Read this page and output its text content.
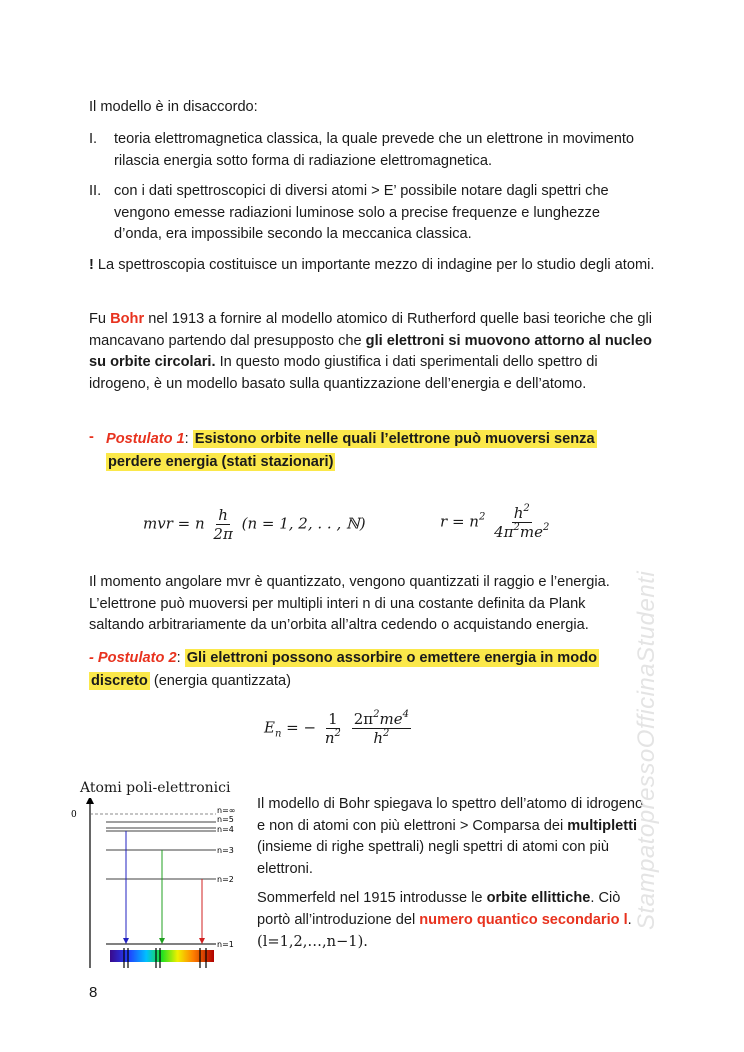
Il modello è in disaccordo:

I.	teoria elettromagnetica classica, la quale prevede che un elettrone in movimento rilascia energia sotto forma di radiazione elettromagnetica.
II. con i dati spettroscopici di diversi atomi > E’ possibile notare dagli spettri che vengono emesse radiazioni luminose solo a precise frequenze e lunghezze d’onda, era impossibile secondo la meccanica classica.

! La spettroscopia costituisce un importante mezzo di indagine per lo studio degli atomi.

Fu Bohr nel 1913 a fornire al modello atomico di Rutherford quelle basi teoriche che gli mancavano partendo dal presupposto che gli elettroni si muovono attorno al nucleo su orbite circolari. In questo modo giustifica i dati sperimentali dello spettro di idrogeno, è un modello basato sulla quantizzazione dell’energia e dell’atomo.

- Postulato 1: Esistono orbite nelle quali l’elettrone può muoversi senza perdere energia (stati stazionari)
mvr = n $\frac{h}{2\pi} (n = 1$, 2, . . , ℕ)	$r = n^2 \frac{h^2}{4\pi^2me^2}$

Il momento angolare mvr è quantizzato, vengono quantizzati il raggio e l’energia. L’elettrone può muoversi per multipli interi n di una costante definita da Plank saltando arbitrariamente da un’orbita all’altra cedendo o acquistando energia.

- Postulato 2: Gli elettroni possono assorbire o emettere energia in modo
discreto (energia quantizzata)

$E_n$ = − $\frac{1}{n^2}$
$\frac{2\pi^2me^4}{h^2}$
Atomi poli-elettronici
0	n=∞
n=5
n=4
n=3
n=2
n=1

Il modello di Bohr spiegava lo spettro dell’atomo di idrogeno e non di atomi con più elettroni > Comparsa dei multipletti (insieme di righe spettrali) negli spettri di atomi con più elettroni.

Sommerfeld nel 1915 introdusse le orbite ellittiche. Ciò portò all’introduzione del numero quantico secondario l.
(l=1,2,…,n−1).

StampatopressoOfficinaStudenti
8
